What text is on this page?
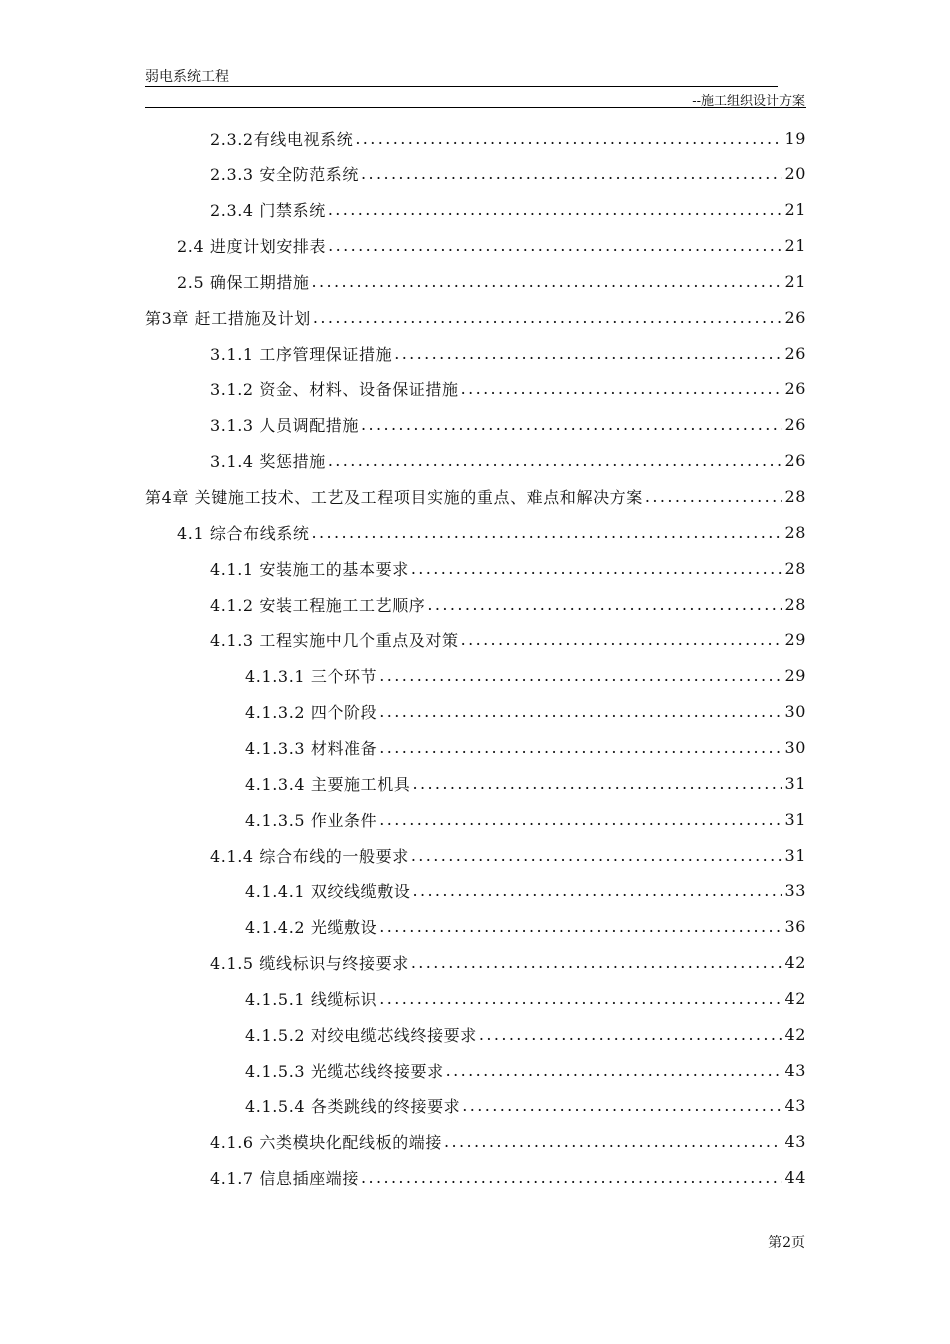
弱电系统工程
--施工组织设计方案
2.3.2有线电视系统 .....	19
2.3.3 安全防范系统 .....	20
2.3.4 门禁系统 .....	21
2.4 进度计划安排表 .....	21
2.5 确保工期措施 .....	21
第3章 赶工措施及计划 .....	26
3.1.1 工序管理保证措施 .....	26
3.1.2 资金、材料、设备保证措施 .....	26
3.1.3 人员调配措施 .....	26
3.1.4 奖惩措施 .....	26
第4章 关键施工技术、工艺及工程项目实施的重点、难点和解决方案 .....	28
4.1 综合布线系统 .....	28
4.1.1 安装施工的基本要求 .....	28
4.1.2 安装工程施工工艺顺序 .....	28
4.1.3 工程实施中几个重点及对策 .....	29
4.1.3.1 三个环节 .....	29
4.1.3.2 四个阶段 .....	30
4.1.3.3 材料准备 .....	30
4.1.3.4 主要施工机具 .....	31
4.1.3.5 作业条件 .....	31
4.1.4 综合布线的一般要求 .....	31
4.1.4.1 双绞线缆敷设 .....	33
4.1.4.2 光缆敷设 .....	36
4.1.5 缆线标识与终接要求 .....	42
4.1.5.1 线缆标识 .....	42
4.1.5.2 对绞电缆芯线终接要求 .....	42
4.1.5.3 光缆芯线终接要求 .....	43
4.1.5.4 各类跳线的终接要求 .....	43
4.1.6 六类模块化配线板的端接 .....	43
4.1.7 信息插座端接 .....	44
第2页
